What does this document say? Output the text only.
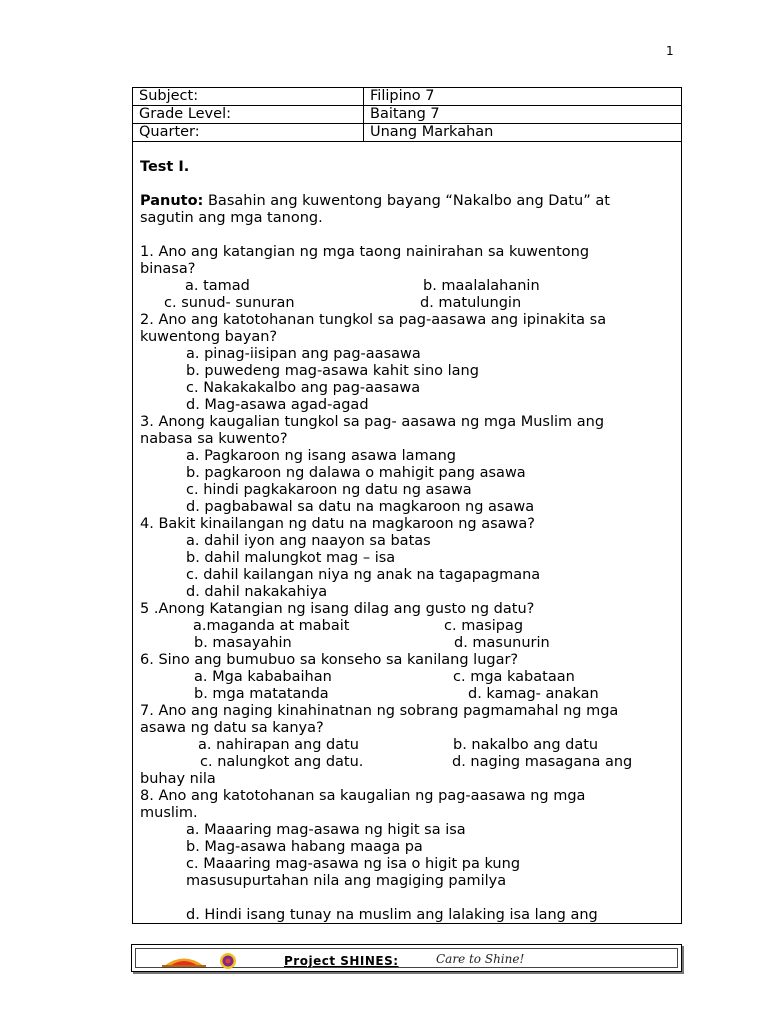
1
Subject:	Filipino 7
Grade Level:	Baitang 7
Quarter:	Unang Markahan
Test I.
Panuto: Basahin ang kuwentong bayang “Nakalbo ang Datu” at
sagutin ang mga tanong.
1. Ano ang katangian ng mga taong nainirahan sa kuwentong
binasa?
a. tamad	b. maalalahanin
c. sunud- sunuran	d. matulungin
2. Ano ang katotohanan tungkol sa pag-aasawa ang ipinakita sa
kuwentong bayan?
a. pinag-iisipan ang pag-aasawa
b. puwedeng mag-asawa kahit sino lang
c. Nakakakalbo ang pag-aasawa
d. Mag-asawa agad-agad
3. Anong kaugalian tungkol sa pag- aasawa ng mga Muslim ang
nabasa sa kuwento?
a. Pagkaroon ng isang asawa lamang
b. pagkaroon ng dalawa o mahigit pang asawa
c. hindi pagkakaroon ng datu ng asawa
d. pagbabawal sa datu na magkaroon ng asawa
4. Bakit kinailangan ng datu na magkaroon ng asawa?
a. dahil iyon ang naayon sa batas
b. dahil malungkot mag – isa
c. dahil kailangan niya ng anak na tagapagmana
d. dahil nakakahiya
5 .Anong Katangian ng isang dilag ang gusto ng datu?
a.maganda at mabait	c. masipag
b. masayahin	d. masunurin
6. Sino ang bumubuo sa konseho sa kanilang lugar?
a. Mga kababaihan	c. mga kabataan
b. mga matatanda	d. kamag- anakan
7. Ano ang naging kinahinatnan ng sobrang pagmamahal ng mga
asawa ng datu sa kanya?
a. nahirapan ang datu	b. nakalbo ang datu
c. nalungkot ang datu.	d. naging masagana ang
buhay nila
8. Ano ang katotohanan sa kaugalian ng pag-aasawa ng mga
muslim.
a. Maaaring mag-asawa ng higit sa isa
b. Mag-asawa habang maaga pa
c. Maaaring mag-asawa ng isa o higit pa kung
masusupurtahan nila ang magiging pamilya
d. Hindi isang tunay na muslim ang lalaking isa lang ang
Project SHINES:	Care to Shine!
